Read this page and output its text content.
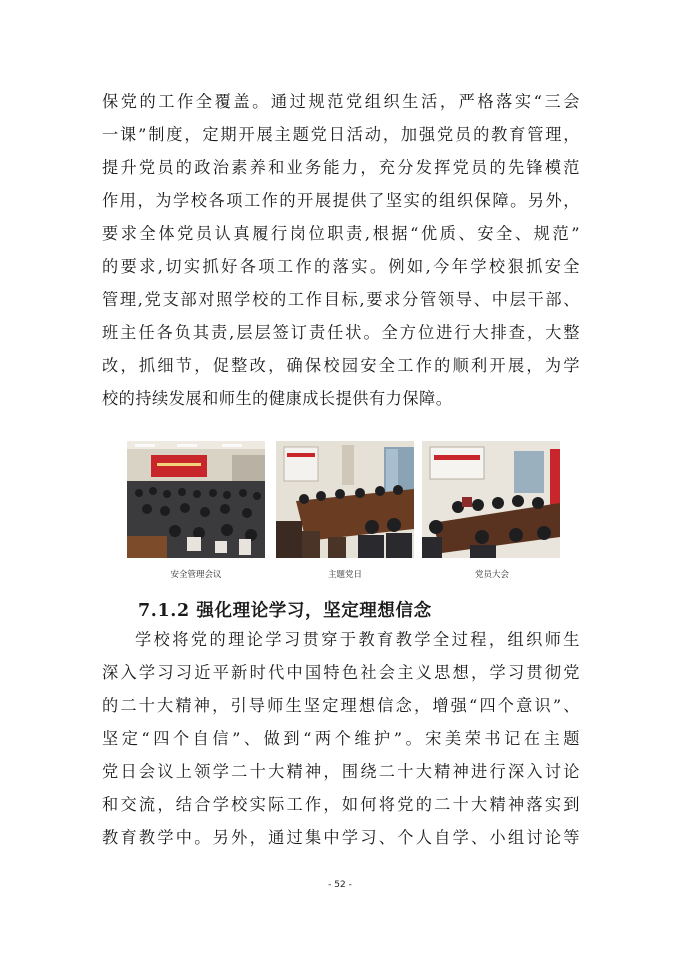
保党的工作全覆盖。通过规范党组织生活，严格落实“三会
一课”制度，定期开展主题党日活动，加强党员的教育管理，
提升党员的政治素养和业务能力，充分发挥党员的先锋模范
作用，为学校各项工作的开展提供了坚实的组织保障。另外，
要求全体党员认真履行岗位职责,根据“优质、安全、规范”
的要求,切实抓好各项工作的落实。例如,今年学校狠抓安全
管理,党支部对照学校的工作目标,要求分管领导、中层干部、
班主任各负其责,层层签订责任状。全方位进行大排查，大整
改，抓细节，促整改，确保校园安全工作的顺利开展，为学
校的持续发展和师生的健康成长提供有力保障。
安全管理会议	主题党日	党员大会
7.1.2 强化理论学习，坚定理想信念
学校将党的理论学习贯穿于教育教学全过程，组织师生
深入学习习近平新时代中国特色社会主义思想，学习贯彻党
的二十大精神，引导师生坚定理想信念，增强“四个意识”、
坚定“四个自信”、做到“两个维护”。宋美荣书记在主题
党日会议上领学二十大精神，围绕二十大精神进行深入讨论
和交流，结合学校实际工作，如何将党的二十大精神落实到
教育教学中。另外，通过集中学习、个人自学、小组讨论等
- 52 -
